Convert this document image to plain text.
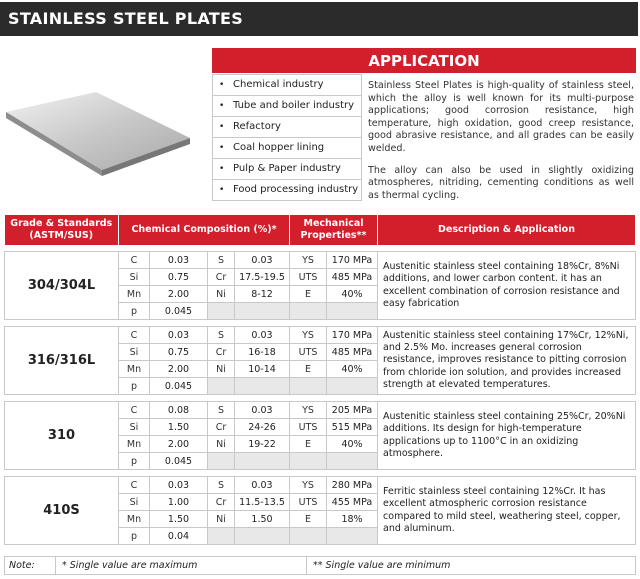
STAINLESS STEEL PLATES
APPLICATION
• Chemical industry
• Tube and boiler industry
• Refactory
• Coal hopper lining
• Pulp & Paper industry
• Food processing industry

Stainless Steel Plates is high-quality of stainless steel, which the alloy is well known for its multi-purpose applications; good corrosion resistance, high temperature, high oxidation, good creep resistance, good abrasive resistance, and all grades can be easily welded.

The alloy can also be used in slightly oxidizing atmospheres, nitriding, cementing conditions as well as thermal cycling.

Grade & Standards (ASTM/SUS)	Chemical Composition (%)*				Mechanical Properties**		Description & Application

304/304L	C	0.03	S	0.03	YS	170 MPa	Austenitic stainless steel containing 18%Cr, 8%Ni additions, and lower carbon content. it has an excellent combination of corrosion resistance and easy fabrication
	Si	0.75	Cr	17.5-19.5	UTS	485 MPa	
	Mn	2.00	Ni	8-12	E	40%	
	p	0.045					

316/316L	C	0.03	S	0.03	YS	170 MPa	Austenitic stainless steel containing 17%Cr, 12%Ni, and 2.5% Mo. increases general corrosion resistance, improves resistance to pitting corrosion from chloride ion solution, and provides increased strength at elevated temperatures.
	Si	0.75	Cr	16-18	UTS	485 MPa	
	Mn	2.00	Ni	10-14	E	40%	
	p	0.045					

310	C	0.08	S	0.03	YS	205 MPa	Austenitic stainless steel containing 25%Cr, 20%Ni additions. Its design for high-temperature applications up to 1100°C in an oxidizing atmosphere.
	Si	1.50	Cr	24-26	UTS	515 MPa	
	Mn	2.00	Ni	19-22	E	40%	
	p	0.045					

410S	C	0.03	S	0.03	YS	280 MPa	Ferritic stainless steel containing 12%Cr. It has excellent atmospheric corrosion resistance compared to mild steel, weathering steel, copper, and aluminum.
	Si	1.00	Cr	11.5-13.5	UTS	455 MPa	
	Mn	1.50	Ni	1.50	E	18%	
	p	0.04					
Note:	* Single value are maximum	** Single value are minimum
